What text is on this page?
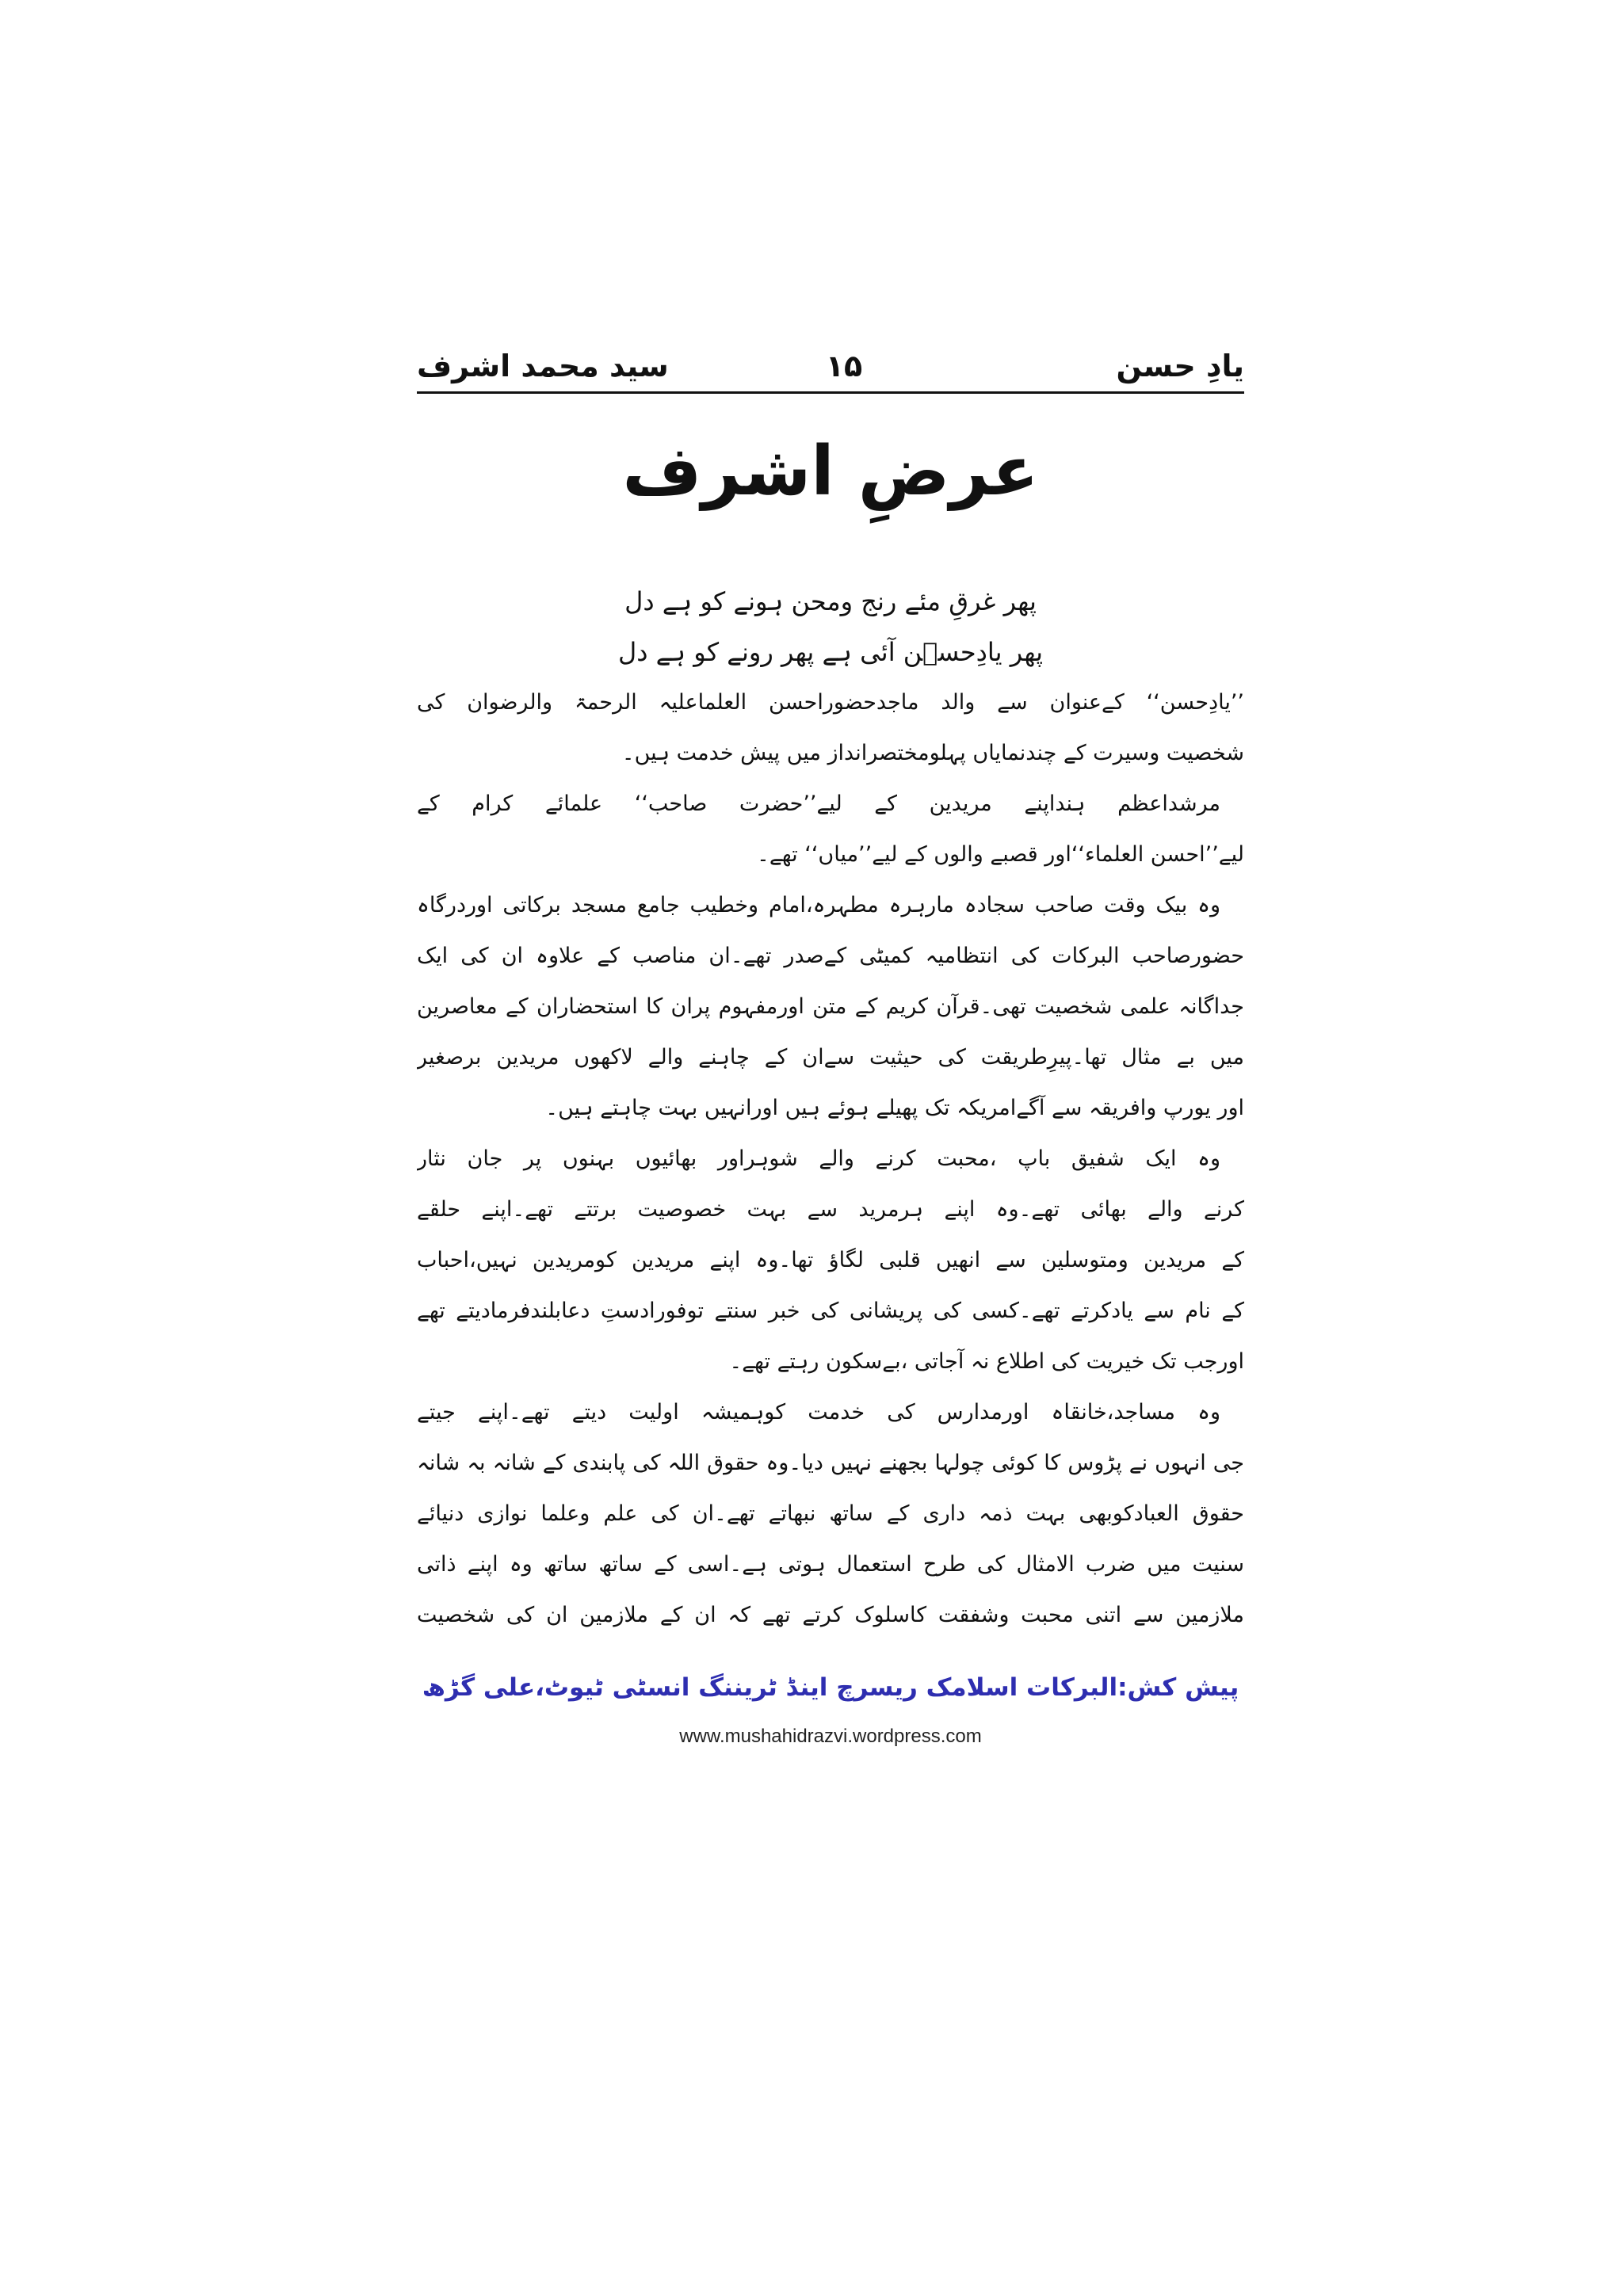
یادِ حسن
۱۵
سید محمد اشرف
عرضِ اشرف
پھر غرقِ مئے رنج ومحن ہونے کو ہے دل
پھر یادِحسؔن آئی ہے پھر رونے کو ہے دل
’’یادِحسن‘‘ کےعنوان سے والد ماجدحضوراحسن العلماعلیہ الرحمۃ والرضوان کی
شخصیت وسیرت کے چندنمایاں پہلومختصرانداز میں پیش خدمت ہیں۔
مرشداعظم ہنداپنے مریدین کے لیے’’حضرت صاحب‘‘ علمائے کرام کے
لیے’’احسن العلماء‘‘اور قصبے والوں کے لیے’’میاں‘‘ تھے۔
وہ بیک وقت صاحب سجادہ مارہرہ مطہرہ،امام وخطیب جامع مسجد برکاتی اوردرگاہ
حضورصاحب البرکات کی انتظامیہ کمیٹی کےصدر تھے۔ان مناصب کے علاوہ ان کی ایک
جداگانہ علمی شخصیت تھی۔قرآن کریم کے متن اورمفہوم پران کا استحضاران کے معاصرین
میں بے مثال تھا۔پیرِطریقت کی حیثیت سےان کے چاہنے والے لاکھوں مریدین برصغیر
اور یورپ وافریقہ سے آگےامریکہ تک پھیلے ہوئے ہیں اورانہیں بہت چاہتے ہیں۔
وہ ایک شفیق باپ ،محبت کرنے والے شوہراور بھائیوں بہنوں پر جان نثار
کرنے والے بھائی تھے۔وہ اپنے ہرمرید سے بہت خصوصیت برتتے تھے۔اپنے حلقے
کے مریدین ومتوسلین سے انھیں قلبی لگاؤ تھا۔وہ اپنے مریدین کومریدین نہیں،احباب
کے نام سے یادکرتے تھے۔کسی کی پریشانی کی خبر سنتے توفورادستِ دعابلندفرمادیتے تھے
اورجب تک خیریت کی اطلاع نہ آجاتی ،بےسکون رہتے تھے۔
وہ مساجد،خانقاہ اورمدارس کی خدمت کوہمیشہ اولیت دیتے تھے۔اپنے جیتے
جی انہوں نے پڑوس کا کوئی چولہا بجھنے نہیں دیا۔وہ حقوق اللہ کی پابندی کے شانہ بہ شانہ
حقوق العبادکوبھی بہت ذمہ داری کے ساتھ نبھاتے تھے۔ان کی علم وعلما نوازی دنیائے
سنیت میں ضرب الامثال کی طرح استعمال ہوتی ہے۔اسی کے ساتھ ساتھ وہ اپنے ذاتی
ملازمین سے اتنی محبت وشفقت کاسلوک کرتے تھے کہ ان کے ملازمین ان کی شخصیت
پیش کش:البرکات اسلامک ریسرچ اینڈ ٹریننگ انسٹی ٹیوٹ،علی گڑھ
www.mushahidrazvi.wordpress.com
